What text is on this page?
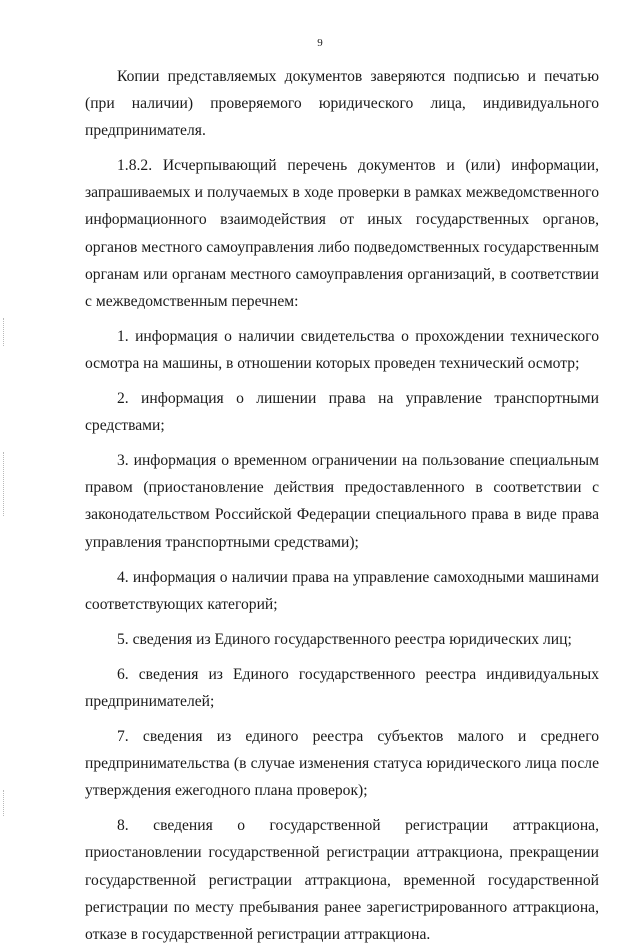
9

Копии представляемых документов заверяются подписью и печатью (при наличии) проверяемого юридического лица, индивидуального предпринимателя.

1.8.2. Исчерпывающий перечень документов и (или) информации, запрашиваемых и получаемых в ходе проверки в рамках межведомственного информационного взаимодействия от иных государственных органов, органов местного самоуправления либо подведомственных государственным органам или органам местного самоуправления организаций, в соответствии с межведомственным перечнем:

1. информация о наличии свидетельства о прохождении технического осмотра на машины, в отношении которых проведен технический осмотр;

2. информация о лишении права на управление транспортными средствами;

3. информация о временном ограничении на пользование специальным правом (приостановление действия предоставленного в соответствии с законодательством Российской Федерации специального права в виде права управления транспортными средствами);

4. информация о наличии права на управление самоходными машинами соответствующих категорий;

5. сведения из Единого государственного реестра юридических лиц;

6. сведения из Единого государственного реестра индивидуальных предпринимателей;

7. сведения из единого реестра субъектов малого и среднего предпринимательства (в случае изменения статуса юридического лица после утверждения ежегодного плана проверок);

8. сведения о государственной регистрации аттракциона, приостановлении государственной регистрации аттракциона, прекращении государственной регистрации аттракциона, временной государственной регистрации по месту пребывания ранее зарегистрированного аттракциона, отказе в государственной регистрации аттракциона.
